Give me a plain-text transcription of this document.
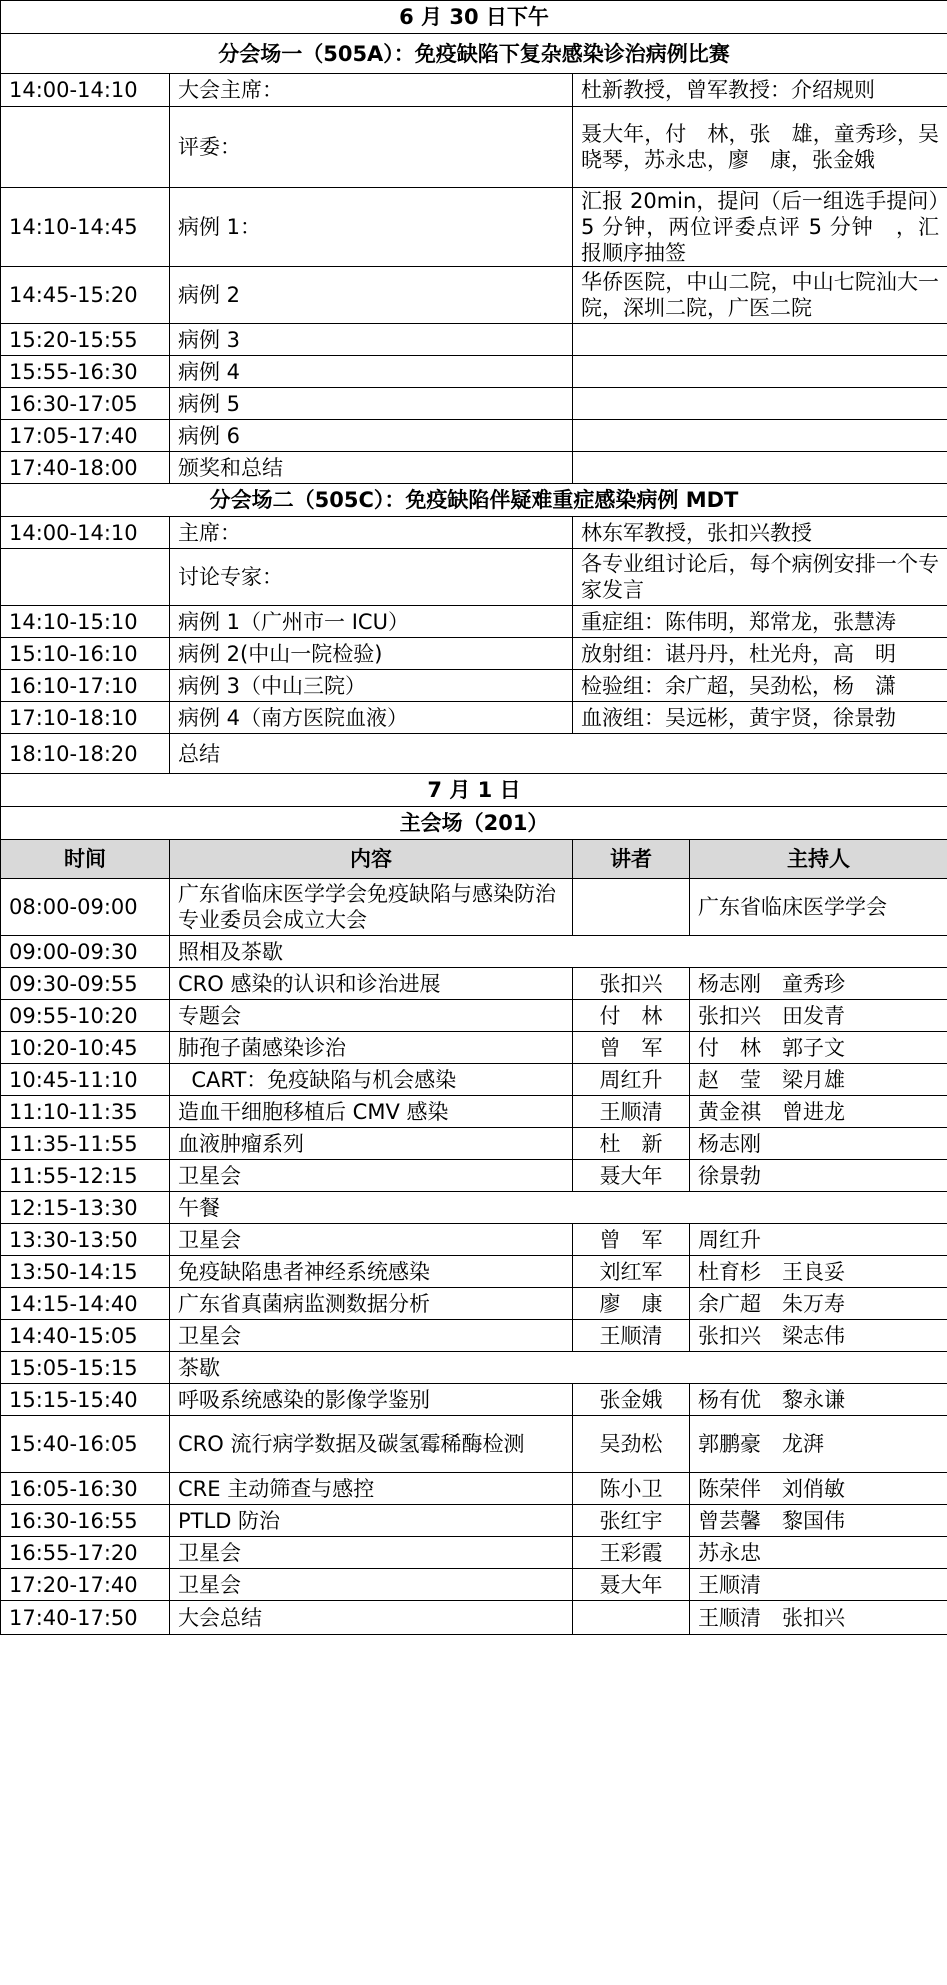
6 月 30 日下午			
分会场一（505A）：免疫缺陷下复杂感染诊治病例比赛			
14:00-14:10	大会主席：	杜新教授，曾军教授：介绍规则	
	评委：	聂大年，付　林，张　雄，童秀珍，吴晓琴，苏永忠，廖　康，张金娥	
14:10-14:45	病例 1：	汇报 20min，提问（后一组选手提问）5 分钟，两位评委点评 5 分钟　，汇报顺序抽签	
14:45-15:20	病例 2	华侨医院，中山二院，中山七院汕大一院，深圳二院，广医二院	
15:20-15:55	病例 3		
15:55-16:30	病例 4		
16:30-17:05	病例 5		
17:05-17:40	病例 6		
17:40-18:00	颁奖和总结		
分会场二（505C）：免疫缺陷伴疑难重症感染病例 MDT			
14:00-14:10	主席：	林东军教授，张扣兴教授	
	讨论专家：	各专业组讨论后，每个病例安排一个专家发言	
14:10-15:10	病例 1（广州市一 ICU）	重症组：陈伟明，郑常龙，张慧涛	
15:10-16:10	病例 2(中山一院检验)	放射组：谌丹丹，杜光舟，高　明	
16:10-17:10	病例 3（中山三院）	检验组：余广超，吴劲松，杨　潇	
17:10-18:10	病例 4（南方医院血液）	血液组：吴远彬，黄宇贤，徐景勃	
18:10-18:20	总结		
7 月 1 日			
主会场（201）			
时间	内容	讲者	主持人
08:00-09:00	广东省临床医学学会免疫缺陷与感染防治专业委员会成立大会		广东省临床医学学会
09:00-09:30	照相及茶歇		
09:30-09:55	CRO 感染的认识和诊治进展	张扣兴	杨志刚　童秀珍
09:55-10:20	专题会	付　林	张扣兴　田发青
10:20-10:45	肺孢子菌感染诊治	曾　军	付　林　郭子文
10:45-11:10	CART：免疫缺陷与机会感染	周红升	赵　莹　梁月雄
11:10-11:35	造血干细胞移植后 CMV 感染	王顺清	黄金祺　曾进龙
11:35-11:55	血液肿瘤系列	杜　新	杨志刚
11:55-12:15	卫星会	聂大年	徐景勃
12:15-13:30	午餐		
13:30-13:50	卫星会	曾　军	周红升
13:50-14:15	免疫缺陷患者神经系统感染	刘红军	杜育杉　王良妥
14:15-14:40	广东省真菌病监测数据分析	廖　康	余广超　朱万寿
14:40-15:05	卫星会	王顺清	张扣兴　梁志伟
15:05-15:15	茶歇		
15:15-15:40	呼吸系统感染的影像学鉴别	张金娥	杨有优　黎永谦
15:40-16:05	CRO 流行病学数据及碳氢霉稀酶检测	吴劲松	郭鹏豪　龙湃
16:05-16:30	CRE 主动筛查与感控	陈小卫	陈荣伴　刘俏敏
16:30-16:55	PTLD 防治	张红宇	曾芸馨　黎国伟
16:55-17:20	卫星会	王彩霞	苏永忠
17:20-17:40	卫星会	聂大年	王顺清
17:40-17:50	大会总结		王顺清　张扣兴
